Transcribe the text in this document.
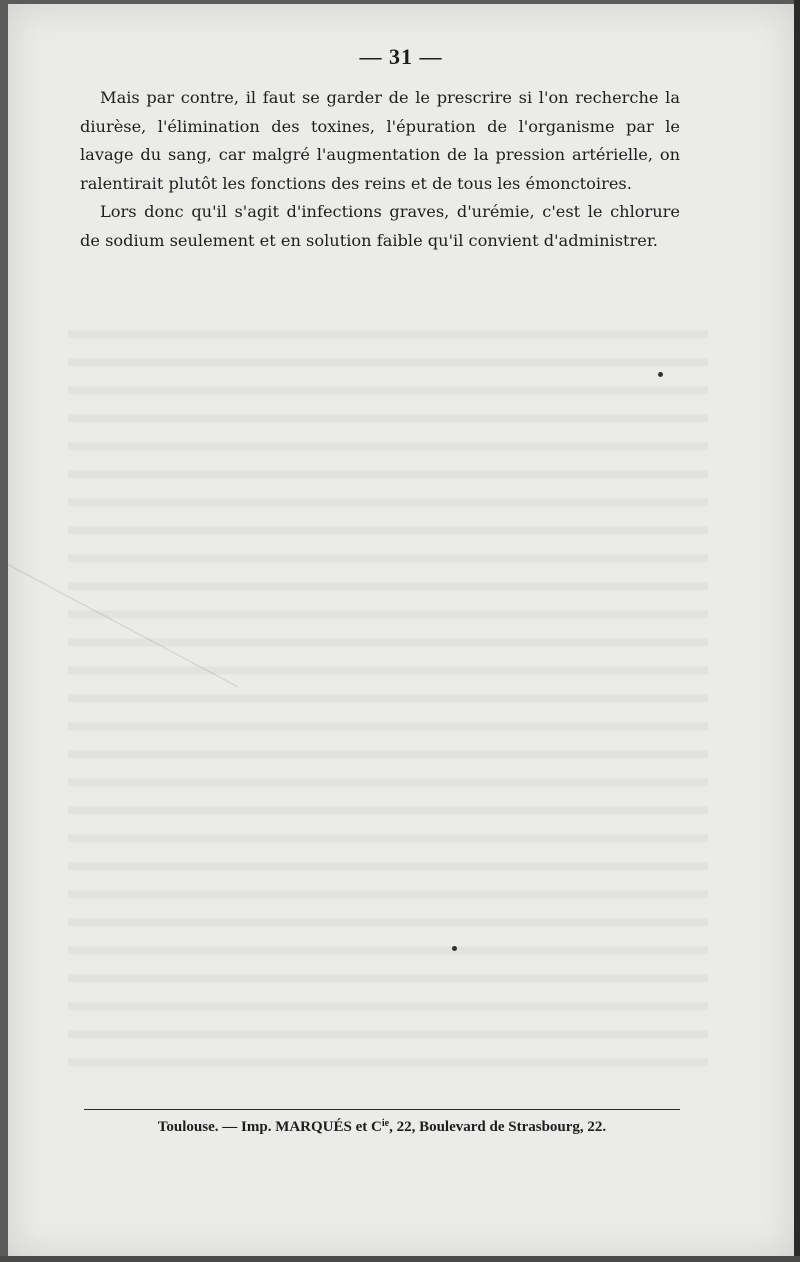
— 31 —

Mais par contre, il faut se garder de le prescrire si l'on recherche la diurèse, l'élimination des toxines, l'épuration de l'organisme par le lavage du sang, car malgré l'augmentation de la pression artérielle, on ralentirait plutôt les fonctions des reins et de tous les émonctoires.

Lors donc qu'il s'agit d'infections graves, d'urémie, c'est le chlorure de sodium seulement et en solution faible qu'il convient d'administrer.

Toulouse. — Imp. MARQUÉS et $C^{ie}$, 22, Boulevard de Strasbourg, 22.
